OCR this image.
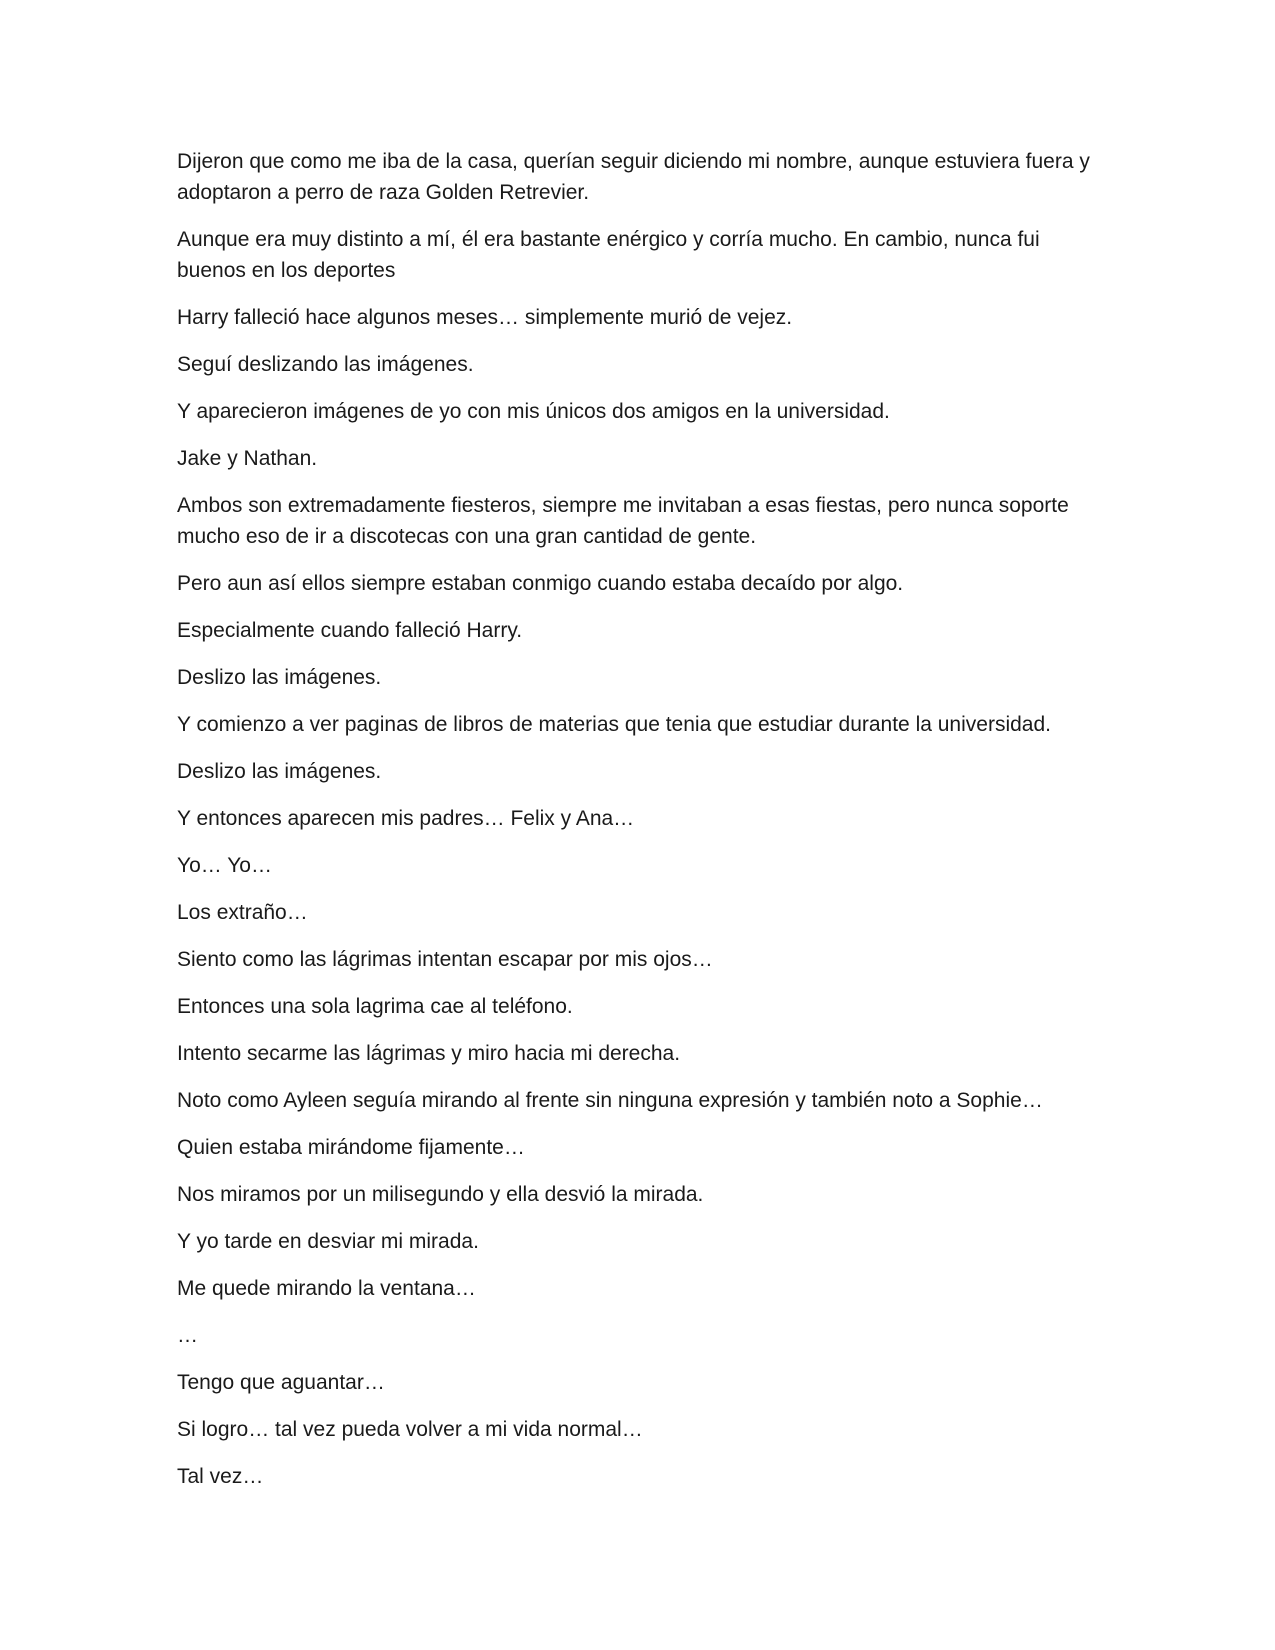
Dijeron que como me iba de la casa, querían seguir diciendo mi nombre, aunque estuviera fuera y adoptaron a perro de raza Golden Retrevier.

Aunque era muy distinto a mí, él era bastante enérgico y corría mucho. En cambio, nunca fui buenos en los deportes

Harry falleció hace algunos meses… simplemente murió de vejez.

Seguí deslizando las imágenes.

Y aparecieron imágenes de yo con mis únicos dos amigos en la universidad.

Jake y Nathan.

Ambos son extremadamente fiesteros, siempre me invitaban a esas fiestas, pero nunca soporte mucho eso de ir a discotecas con una gran cantidad de gente.

Pero aun así ellos siempre estaban conmigo cuando estaba decaído por algo.

Especialmente cuando falleció Harry.

Deslizo las imágenes.

Y comienzo a ver paginas de libros de materias que tenia que estudiar durante la universidad.

Deslizo las imágenes.

Y entonces aparecen mis padres… Felix y Ana…

Yo… Yo…

Los extraño…

Siento como las lágrimas intentan escapar por mis ojos…

Entonces una sola lagrima cae al teléfono.

Intento secarme las lágrimas y miro hacia mi derecha.

Noto como Ayleen seguía mirando al frente sin ninguna expresión y también noto a Sophie…

Quien estaba mirándome fijamente…

Nos miramos por un milisegundo y ella desvió la mirada.

Y yo tarde en desviar mi mirada.

Me quede mirando la ventana…

…

Tengo que aguantar…

Si logro… tal vez pueda volver a mi vida normal…

Tal vez…
